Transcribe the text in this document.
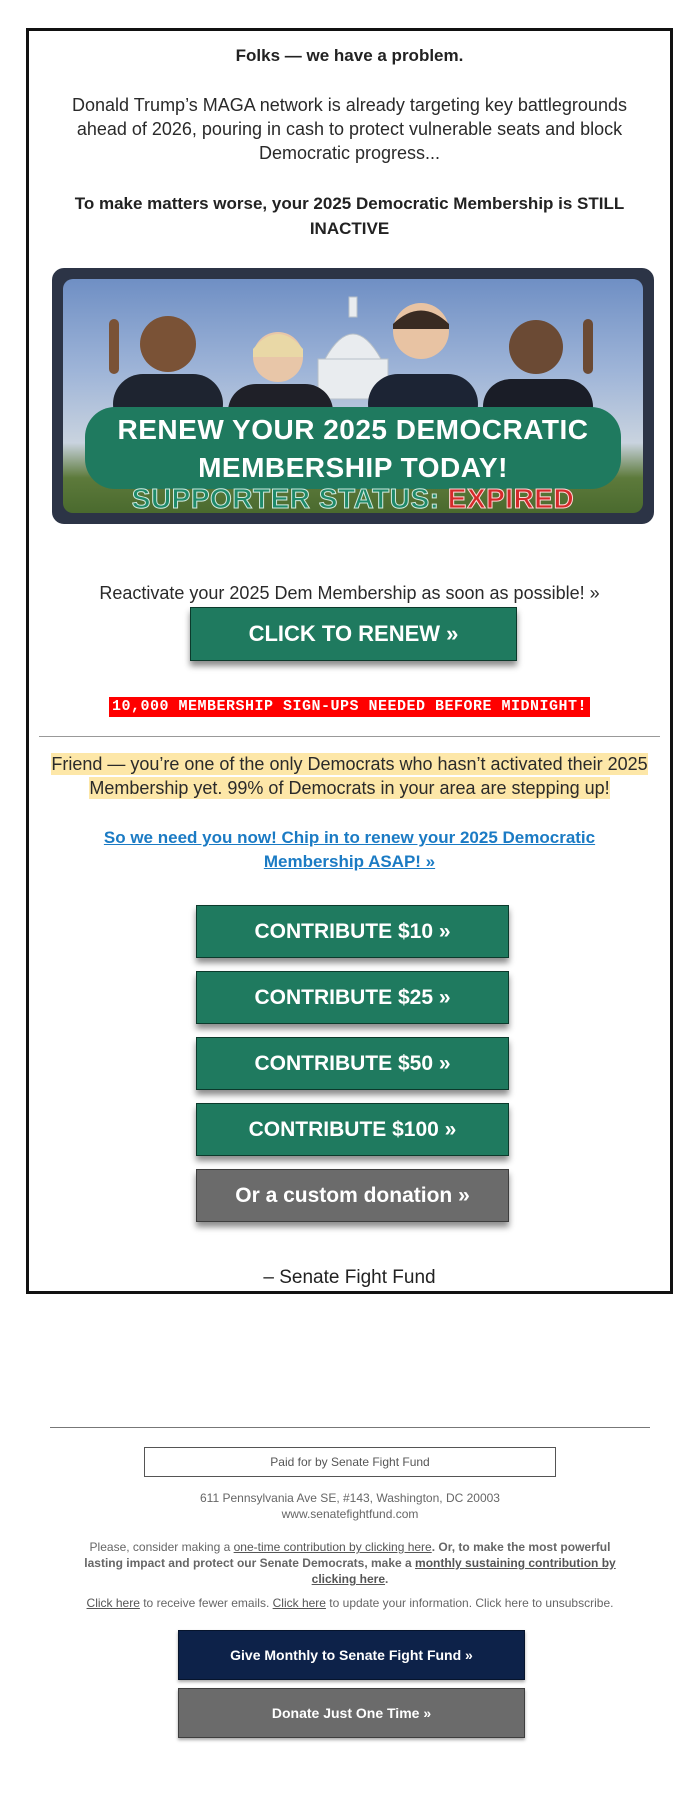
Folks — we have a problem.
Donald Trump’s MAGA network is already targeting key battlegrounds ahead of 2026, pouring in cash to protect vulnerable seats and block Democratic progress...
To make matters worse, your 2025 Democratic Membership is STILL INACTIVE
RENEW YOUR 2025 DEMOCRATIC
MEMBERSHIP TODAY!
SUPPORTER STATUS: EXPIRED
Reactivate your 2025 Dem Membership as soon as possible! »
CLICK TO RENEW »
10,000 MEMBERSHIP SIGN-UPS NEEDED BEFORE MIDNIGHT!
Friend — you’re one of the only Democrats who hasn’t activated their 2025 Membership yet. 99% of Democrats in your area are stepping up!
So we need you now! Chip in to renew your 2025 Democratic Membership ASAP! »
CONTRIBUTE $10 »
CONTRIBUTE $25 »
CONTRIBUTE $50 »
CONTRIBUTE $100 »
Or a custom donation »
– Senate Fight Fund
Paid for by Senate Fight Fund
611 Pennsylvania Ave SE, #143, Washington, DC 20003
www.senatefightfund.com
Please, consider making a one-time contribution by clicking here. Or, to make the most powerful lasting impact and protect our Senate Democrats, make a monthly sustaining contribution by clicking here.
Click here to receive fewer emails. Click here to update your information. Click here to unsubscribe.
Give Monthly to Senate Fight Fund »
Donate Just One Time »
